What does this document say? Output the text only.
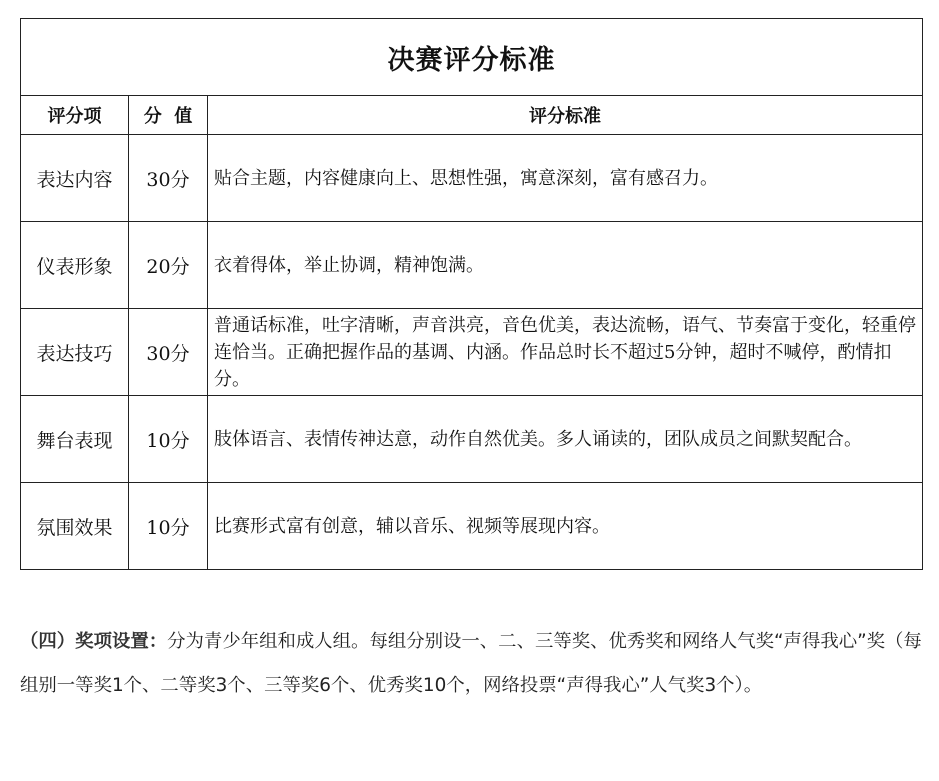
决赛评分标准		
评分项	分  值	评分标准
表达内容	30分	贴合主题，内容健康向上、思想性强，寓意深刻，富有感召力。
仪表形象	20分	衣着得体，举止协调，精神饱满。
表达技巧	30分	普通话标准，吐字清晰，声音洪亮，音色优美，表达流畅，语气、节奏富于变化，轻重停连恰当。正确把握作品的基调、内涵。作品总时长不超过5分钟，超时不喊停，酌情扣分。
舞台表现	10分	肢体语言、表情传神达意，动作自然优美。多人诵读的，团队成员之间默契配合。
氛围效果	10分	比赛形式富有创意，辅以音乐、视频等展现内容。

（四）奖项设置：分为青少年组和成人组。每组分别设一、二、三等奖、优秀奖和网络人气奖“声得我心”奖（每组别一等奖1个、二等奖3个、三等奖6个、优秀奖10个，网络投票“声得我心”人气奖3个）。
